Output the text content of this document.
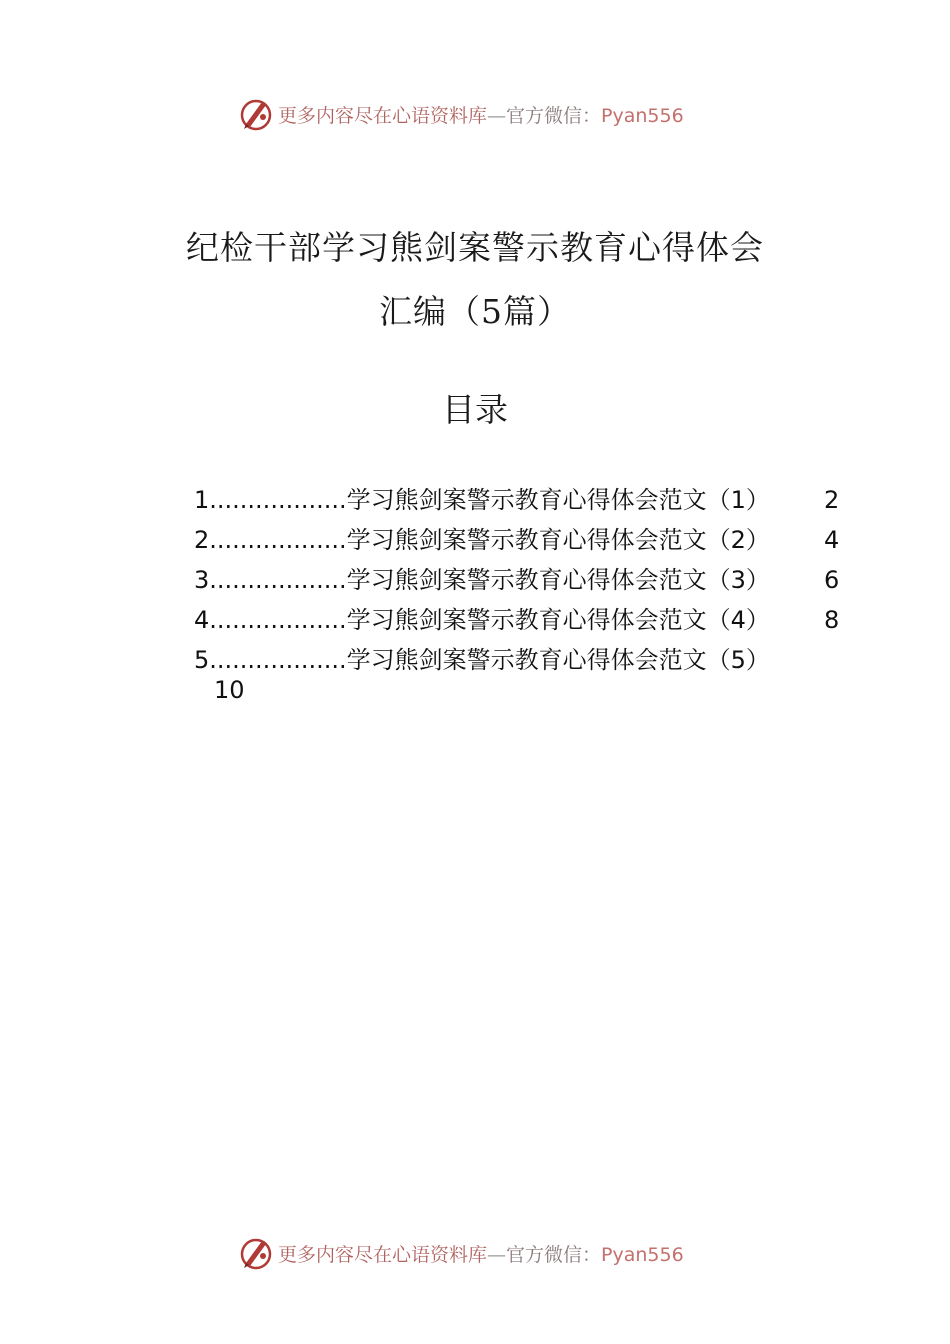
更多内容尽在心语资料库—官方微信：Pyan556
纪检干部学习熊剑案警示教育心得体会
汇编（5篇）
目录
1..................学习熊剑案警示教育心得体会范文（1） 2
2..................学习熊剑案警示教育心得体会范文（2） 4
3..................学习熊剑案警示教育心得体会范文（3） 6
4..................学习熊剑案警示教育心得体会范文（4） 8
5..................学习熊剑案警示教育心得体会范文（5）
10
更多内容尽在心语资料库—官方微信：Pyan556
